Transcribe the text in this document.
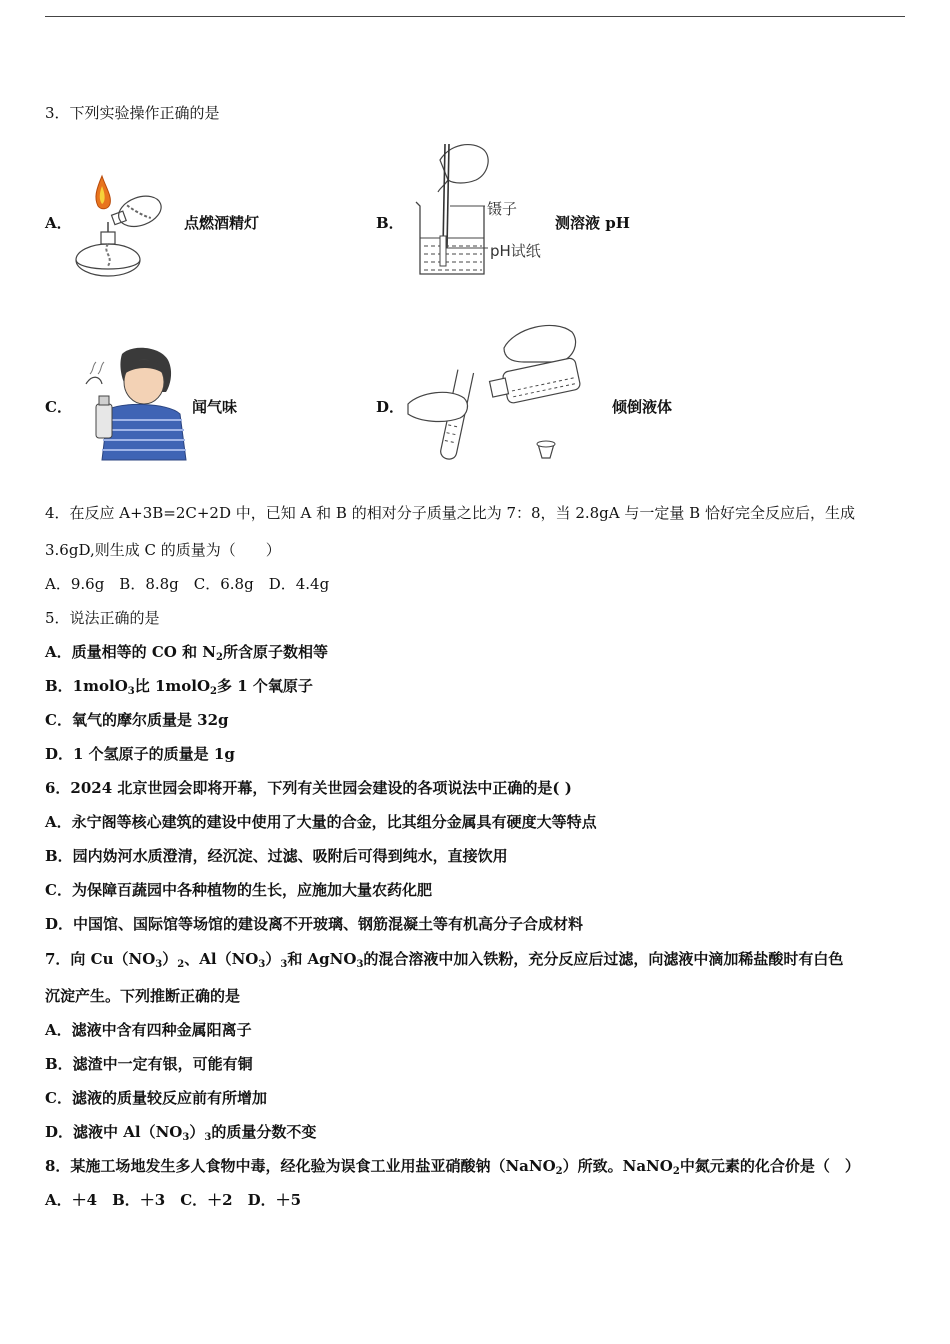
3．下列实验操作正确的是
A．	点燃酒精灯	B．
镊子
pH试纸
测溶液 pH
C．	闻气味	D．	倾倒液体
4．在反应 A+3B=2C+2D 中，已知 A 和 B 的相对分子质量之比为 7：8，当 2.8gA 与一定量 B 恰好完全反应后，生成
3.6gD,则生成 C 的质量为（　　）
A．9.6g　B．8.8g　C．6.8g　D．4.4g
5．说法正确的是
A．质量相等的 CO 和 $N_2$所含原子数相等
B．1molO$_3$比 1molO$_2$多 1 个氧原子
C．氧气的摩尔质量是 32g
D．1 个氢原子的质量是 1g
6．2024 北京世园会即将开幕，下列有关世园会建设的各项说法中正确的是( )
A．永宁阁等核心建筑的建设中使用了大量的合金，比其组分金属具有硬度大等特点
B．园内妫河水质澄清，经沉淀、过滤、吸附后可得到纯水，直接饮用
C．为保障百蔬园中各种植物的生长，应施加大量农药化肥
D．中国馆、国际馆等场馆的建设离不开玻璃、钢筋混凝土等有机高分子合成材料
7．向 $Cu(NO_3)_2$、$Al(NO_3)_3$和 AgNO$_3$的混合溶液中加入铁粉，充分反应后过滤，向滤液中滴加稀盐酸时有白色
沉淀产生。下列推断正确的是
A．滤液中含有四种金属阳离子
B．滤渣中一定有银，可能有铜
C．滤液的质量较反应前有所增加
D．滤液中 $Al(NO_3)_3$的质量分数不变
8．某施工场地发生多人食物中毒，经化验为误食工业用盐亚硝酸钠（NaNO$_2$）所致。NaNO$_2$中氮元素的化合价是（　）
A．＋4　B．＋3　C．＋2　D．＋5
